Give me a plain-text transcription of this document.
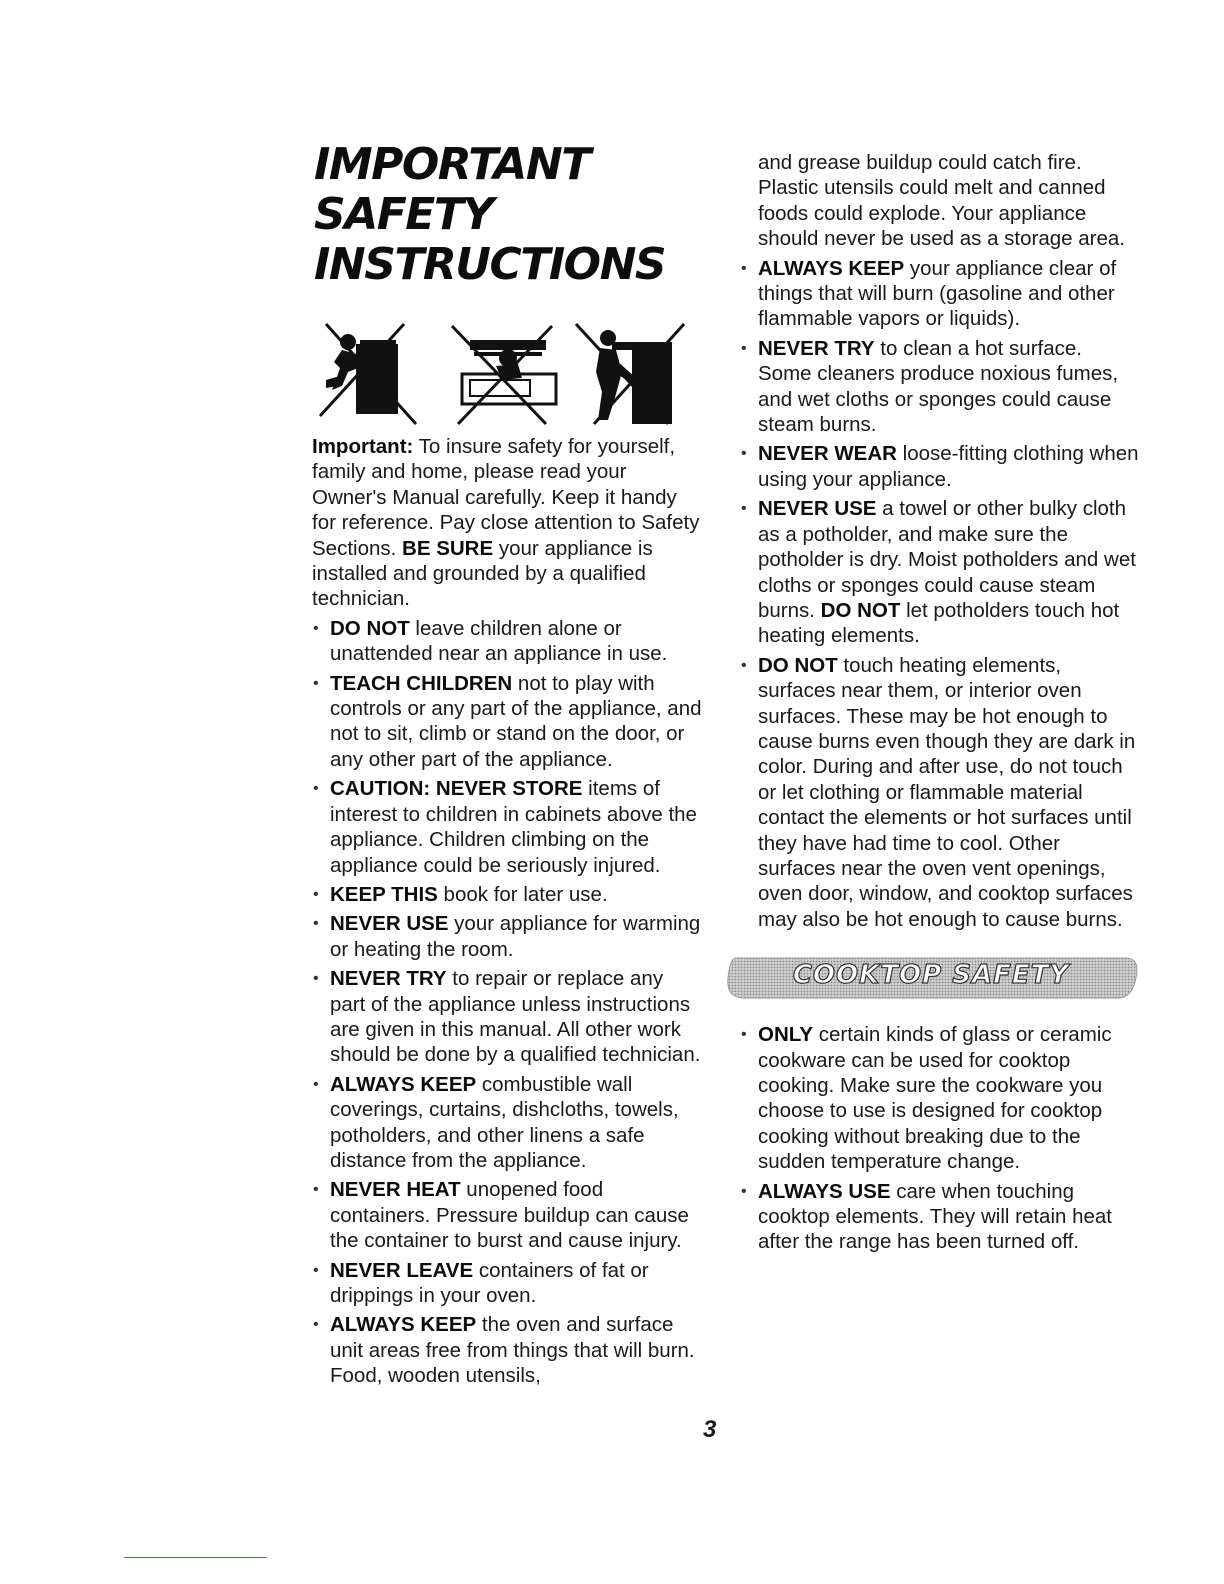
IMPORTANT SAFETY
INSTRUCTIONS

Important: To insure safety for yourself, family and home, please read your Owner's Manual carefully. Keep it handy for reference. Pay close attention to Safety Sections. BE SURE your appliance is installed and grounded by a qualified technician.

• DO NOT leave children alone or unattended near an appliance in use.
• TEACH CHILDREN not to play with controls or any part of the appliance, and not to sit, climb or stand on the door, or any other part of the appliance.
• CAUTION: NEVER STORE items of interest to children in cabinets above the appliance. Children climbing on the appliance could be seriously injured.
• KEEP THIS book for later use.
• NEVER USE your appliance for warming or heating the room.
• NEVER TRY to repair or replace any part of the appliance unless instructions are given in this manual. All other work should be done by a qualified technician.
• ALWAYS KEEP combustible wall coverings, curtains, dishcloths, towels, potholders, and other linens a safe distance from the appliance.
• NEVER HEAT unopened food containers. Pressure buildup can cause the container to burst and cause injury.
• NEVER LEAVE containers of fat or drippings in your oven.
• ALWAYS KEEP the oven and surface unit areas free from things that will burn. Food, wooden utensils,

and grease buildup could catch fire. Plastic utensils could melt and canned foods could explode. Your appliance should never be used as a storage area.

• ALWAYS KEEP your appliance clear of things that will burn (gasoline and other flammable vapors or liquids).
• NEVER TRY to clean a hot surface. Some cleaners produce noxious fumes, and wet cloths or sponges could cause steam burns.
• NEVER WEAR loose-fitting clothing when using your appliance.
• NEVER USE a towel or other bulky cloth as a potholder, and make sure the potholder is dry. Moist potholders and wet cloths or sponges could cause steam burns. DO NOT let potholders touch hot heating elements.
• DO NOT touch heating elements, surfaces near them, or interior oven surfaces. These may be hot enough to cause burns even though they are dark in color. During and after use, do not touch or let clothing or flammable material contact the elements or hot surfaces until they have had time to cool. Other surfaces near the oven vent openings, oven door, window, and cooktop surfaces may also be hot enough to cause burns.
COOKTOP SAFETY
• ONLY certain kinds of glass or ceramic cookware can be used for cooktop cooking. Make sure the cookware you choose to use is designed for cooktop cooking without breaking due to the sudden temperature change.
• ALWAYS USE care when touching cooktop elements. They will retain heat after the range has been turned off.
3
